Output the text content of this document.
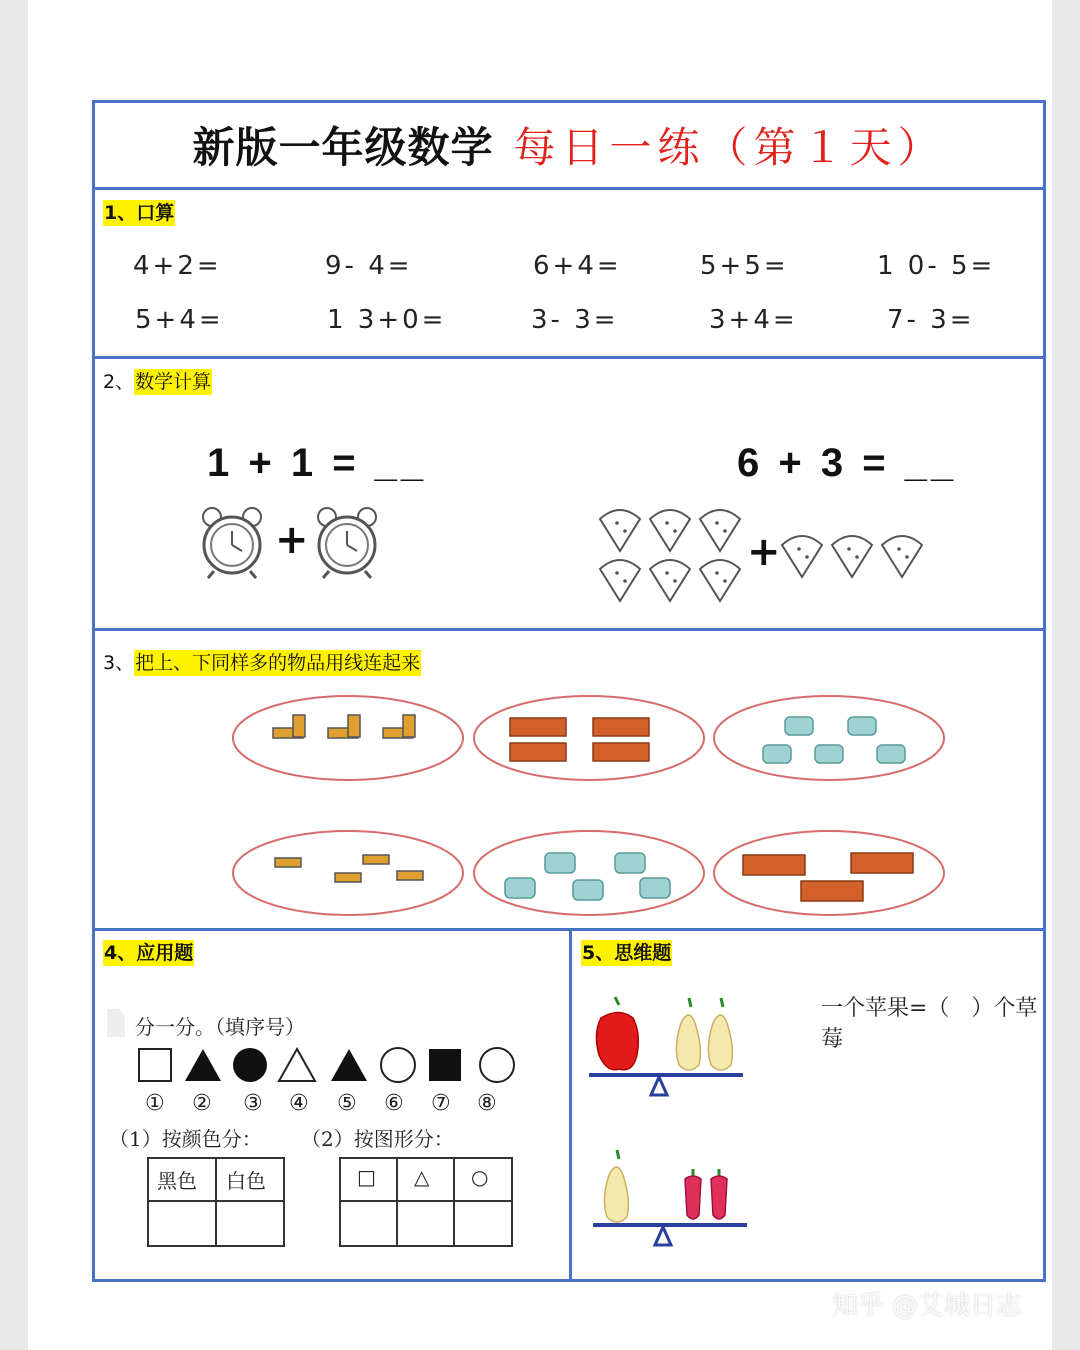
新版一年级数学 每日一练（第１天）
1、口算
4+2=	9- 4=	6+4=	5+5=	1 0- 5=
5+4=	1 3+0=	3- 3=	3+4=	7- 3=
2、数学计算
1 + 1 = __	6 + 3 = __
+	+
3、把上、下同样多的物品用线连起来
4、应用题
分一分。（填序号）
① ② ③ ④ ⑤ ⑥ ⑦ ⑧
（1）按颜色分： （2）按图形分：
黑色 白色	□ △ ○
5、思维题
一个苹果=（　）个草莓
知乎 @艾城日志
